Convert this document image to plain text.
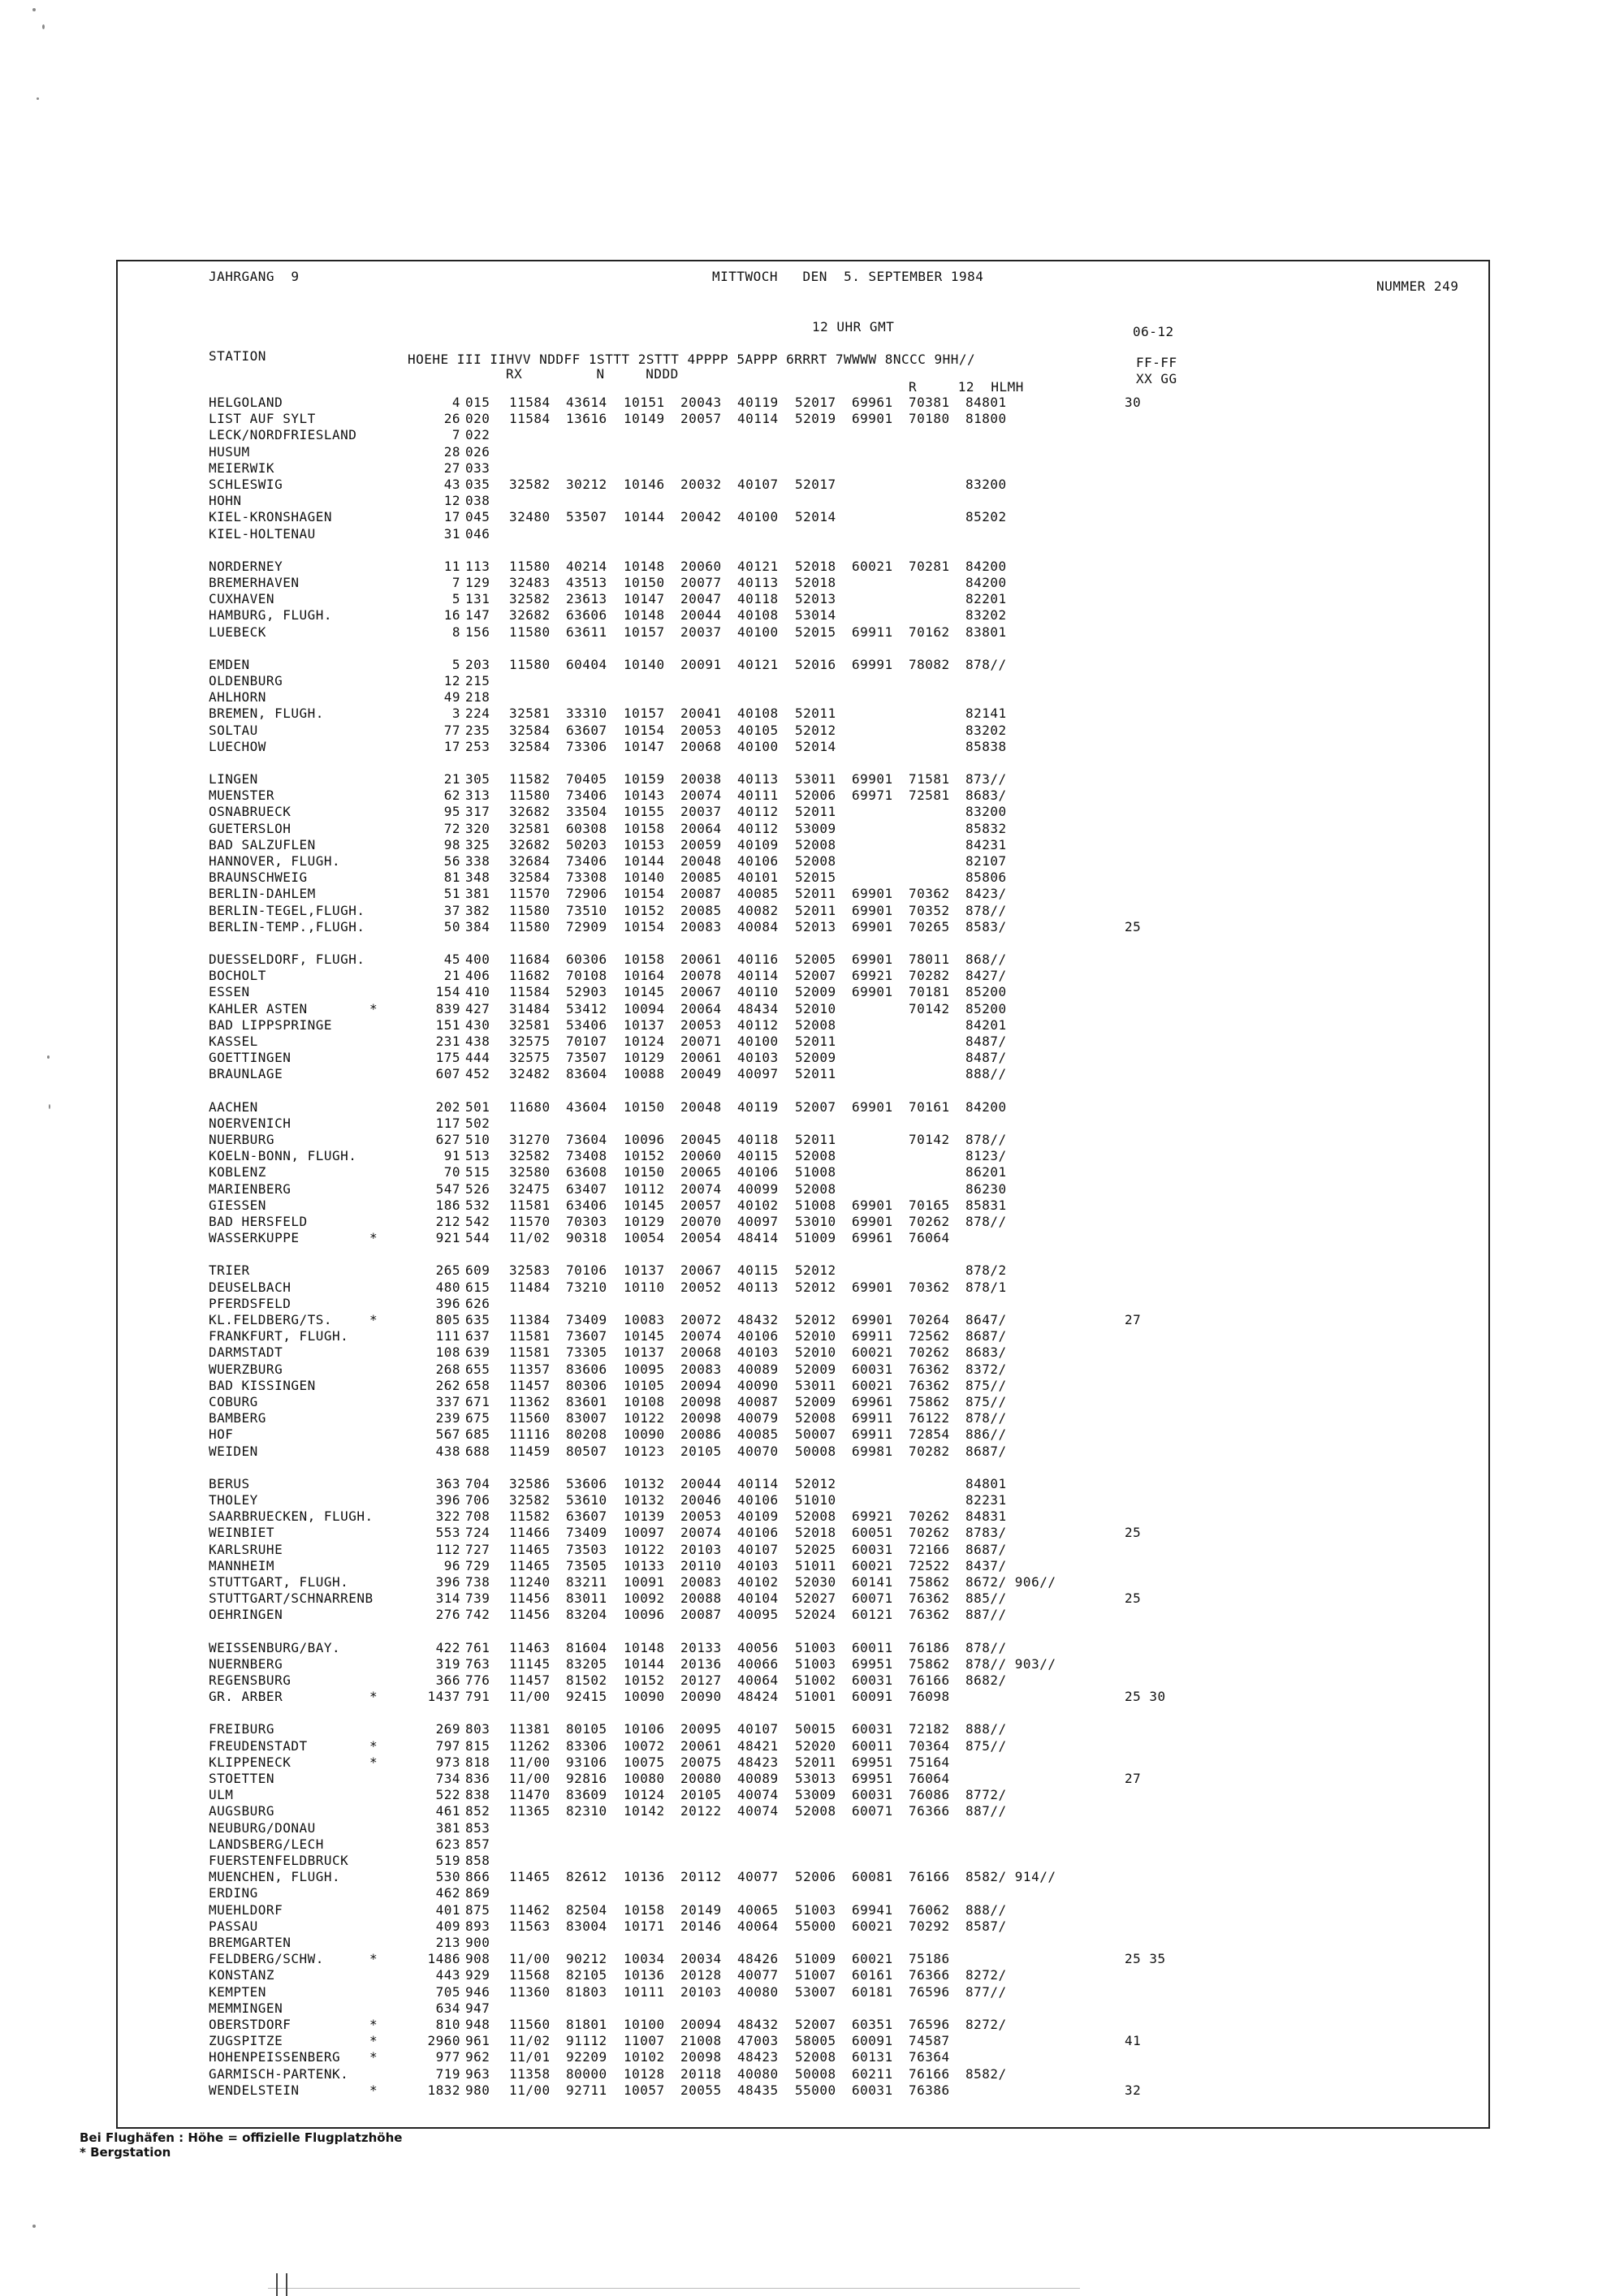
JAHRGANG  9	MITTWOCH   DEN  5. SEPTEMBER 1984
NUMMER 249
12 UHR GMT	06-12
STATION	HOEHE III IIHVV NDDFF 1STTT 2STTT 4PPPP 5APPP 6RRRT 7WWWW 8NCCC 9HH//
RX         N     NDDD
R     12  HLMH
FF-FF
XX GG
HELGOLAND	4 015 11584 43614 10151 20043 40119 52017 69961 70381 84801	30
LIST AUF SYLT	26 020 11584 13616 10149 20057 40114 52019 69901 70180 81800
LECK/NORDFRIESLAND	7 022
HUSUM	28 026
MEIERWIK	27 033
SCHLESWIG	43 035 32582 30212 10146 20032 40107 52017	83200
HOHN	12 038
KIEL-KRONSHAGEN	17 045 32480 53507 10144 20042 40100 52014	85202
KIEL-HOLTENAU	31 046
NORDERNEY	11 113 11580 40214 10148 20060 40121 52018 60021 70281 84200
BREMERHAVEN	7 129 32483 43513 10150 20077 40113 52018	84200
CUXHAVEN	5 131 32582 23613 10147 20047 40118 52013	82201
HAMBURG, FLUGH.	16 147 32682 63606 10148 20044 40108 53014	83202
LUEBECK	8 156 11580 63611 10157 20037 40100 52015 69911 70162 83801
EMDEN	5 203 11580 60404 10140 20091 40121 52016 69991 78082 878//
OLDENBURG	12 215
AHLHORN	49 218
BREMEN, FLUGH.	3 224 32581 33310 10157 20041 40108 52011	82141
SOLTAU	77 235 32584 63607 10154 20053 40105 52012	83202
LUECHOW	17 253 32584 73306 10147 20068 40100 52014	85838
LINGEN	21 305 11582 70405 10159 20038 40113 53011 69901 71581 873//
MUENSTER	62 313 11580 73406 10143 20074 40111 52006 69971 72581 8683/
OSNABRUECK	95 317 32682 33504 10155 20037 40112 52011	83200
GUETERSLOH	72 320 32581 60308 10158 20064 40112 53009	85832
BAD SALZUFLEN	98 325 32682 50203 10153 20059 40109 52008	84231
HANNOVER, FLUGH.	56 338 32684 73406 10144 20048 40106 52008	82107
BRAUNSCHWEIG	81 348 32584 73308 10140 20085 40101 52015	85806
BERLIN-DAHLEM	51 381 11570 72906 10154 20087 40085 52011 69901 70362 8423/
BERLIN-TEGEL,FLUGH.	37 382 11580 73510 10152 20085 40082 52011 69901 70352 878//
BERLIN-TEMP.,FLUGH.	50 384 11580 72909 10154 20083 40084 52013 69901 70265 8583/	25
DUESSELDORF, FLUGH.	45 400 11684 60306 10158 20061 40116 52005 69901 78011 868//
BOCHOLT	21 406 11682 70108 10164 20078 40114 52007 69921 70282 8427/
ESSEN	154 410 11584 52903 10145 20067 40110 52009 69901 70181 85200
KAHLER ASTEN	*	839 427 31484 53412 10094 20064 48434 52010	70142 85200
BAD LIPPSPRINGE	151 430 32581 53406 10137 20053 40112 52008	84201
KASSEL	231 438 32575 70107 10124 20071 40100 52011	8487/
GOETTINGEN	175 444 32575 73507 10129 20061 40103 52009	8487/
BRAUNLAGE	607 452 32482 83604 10088 20049 40097 52011	888//
AACHEN	202 501 11680 43604 10150 20048 40119 52007 69901 70161 84200
NOERVENICH	117 502
NUERBURG	627 510 31270 73604 10096 20045 40118 52011	70142 878//
KOELN-BONN, FLUGH.	91 513 32582 73408 10152 20060 40115 52008	8123/
KOBLENZ	70 515 32580 63608 10150 20065 40106 51008	86201
MARIENBERG	547 526 32475 63407 10112 20074 40099 52008	86230
GIESSEN	186 532 11581 63406 10145 20057 40102 51008 69901 70165 85831
BAD HERSFELD	212 542 11570 70303 10129 20070 40097 53010 69901 70262 878//
WASSERKUPPE	*	921 544 11/02 90318 10054 20054 48414 51009 69961 76064
TRIER	265 609 32583 70106 10137 20067 40115 52012	878/2
DEUSELBACH	480 615 11484 73210 10110 20052 40113 52012 69901 70362 878/1
PFERDSFELD	396 626
KL.FELDBERG/TS.	*	805 635 11384 73409 10083 20072 48432 52012 69901 70264 8647/	27
FRANKFURT, FLUGH.	111 637 11581 73607 10145 20074 40106 52010 69911 72562 8687/
DARMSTADT	108 639 11581 73305 10137 20068 40103 52010 60021 70262 8683/
WUERZBURG	268 655 11357 83606 10095 20083 40089 52009 60031 76362 8372/
BAD KISSINGEN	262 658 11457 80306 10105 20094 40090 53011 60021 76362 875//
COBURG	337 671 11362 83601 10108 20098 40087 52009 69961 75862 875//
BAMBERG	239 675 11560 83007 10122 20098 40079 52008 69911 76122 878//
HOF	567 685 11116 80208 10090 20086 40085 50007 69911 72854 886//
WEIDEN	438 688 11459 80507 10123 20105 40070 50008 69981 70282 8687/
BERUS	363 704 32586 53606 10132 20044 40114 52012	84801
THOLEY	396 706 32582 53610 10132 20046 40106 51010	82231
SAARBRUECKEN, FLUGH.	322 708 11582 63607 10139 20053 40109 52008 69921 70262 84831
WEINBIET	553 724 11466 73409 10097 20074 40106 52018 60051 70262 8783/	25
KARLSRUHE	112 727 11465 73503 10122 20103 40107 52025 60031 72166 8687/
MANNHEIM	96 729 11465 73505 10133 20110 40103 51011 60021 72522 8437/
STUTTGART, FLUGH.	396 738 11240 83211 10091 20083 40102 52030 60141 75862 8672/ 906//
STUTTGART/SCHNARRENB	314 739 11456 83011 10092 20088 40104 52027 60071 76362 885//	25
OEHRINGEN	276 742 11456 83204 10096 20087 40095 52024 60121 76362 887//
WEISSENBURG/BAY.	422 761 11463 81604 10148 20133 40056 51003 60011 76186 878//
NUERNBERG	319 763 11145 83205 10144 20136 40066 51003 69951 75862 878// 903//
REGENSBURG	366 776 11457 81502 10152 20127 40064 51002 60031 76166 8682/
GR. ARBER	*	1437 791 11/00 92415 10090 20090 48424 51001 60091 76098	25 30
FREIBURG	269 803 11381 80105 10106 20095 40107 50015 60031 72182 888//
FREUDENSTADT	*	797 815 11262 83306 10072 20061 48421 52020 60011 70364 875//
KLIPPENECK	*	973 818 11/00 93106 10075 20075 48423 52011 69951 75164
STOETTEN	734 836 11/00 92816 10080 20080 40089 53013 69951 76064	27
ULM	522 838 11470 83609 10124 20105 40074 53009 60031 76086 8772/
AUGSBURG	461 852 11365 82310 10142 20122 40074 52008 60071 76366 887//
NEUBURG/DONAU	381 853
LANDSBERG/LECH	623 857
FUERSTENFELDBRUCK	519 858
MUENCHEN, FLUGH.	530 866 11465 82612 10136 20112 40077 52006 60081 76166 8582/ 914//
ERDING	462 869
MUEHLDORF	401 875 11462 82504 10158 20149 40065 51003 69941 76062 888//
PASSAU	409 893 11563 83004 10171 20146 40064 55000 60021 70292 8587/
BREMGARTEN	213 900
FELDBERG/SCHW.	*	1486 908 11/00 90212 10034 20034 48426 51009 60021 75186	25 35
KONSTANZ	443 929 11568 82105 10136 20128 40077 51007 60161 76366 8272/
KEMPTEN	705 946 11360 81803 10111 20103 40080 53007 60181 76596 877//
MEMMINGEN	634 947
OBERSTDORF	*	810 948 11560 81801 10100 20094 48432 52007 60351 76596 8272/
ZUGSPITZE	*	2960 961 11/02 91112 11007 21008 47003 58005 60091 74587	41
HOHENPEISSENBERG *	977 962 11/01 92209 10102 20098 48423 52008 60131 76364
GARMISCH-PARTENK.	719 963 11358 80000 10128 20118 40080 50008 60211 76166 8582/
WENDELSTEIN	*	1832 980 11/00 92711 10057 20055 48435 55000 60031 76386	32
Bei Flughäfen : Höhe = offizielle Flugplatzhöhe
* Bergstation
